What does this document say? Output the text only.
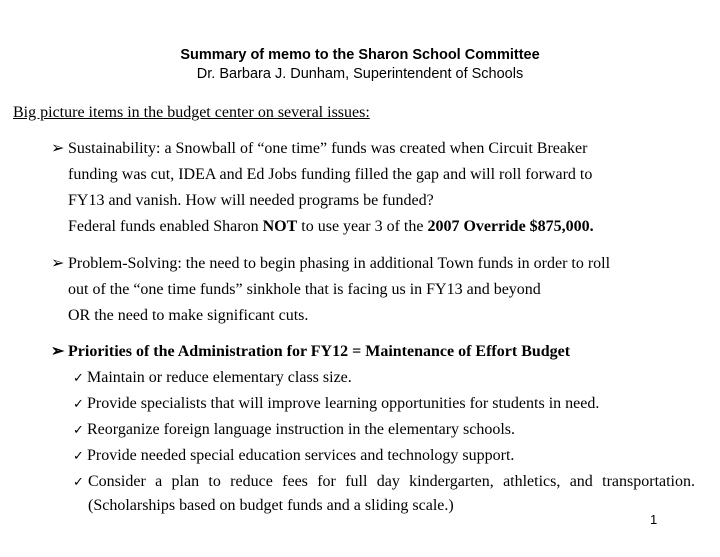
Summary of memo to the Sharon School Committee
Dr. Barbara J. Dunham, Superintendent of Schools
Big picture items in the budget center on several issues:
➢ Sustainability: a Snowball of “one time” funds was created when Circuit Breaker
funding was cut, IDEA and Ed Jobs funding filled the gap and will roll forward to
FY13 and vanish. How will needed programs be funded?
Federal funds enabled Sharon NOT to use year 3 of the 2007 Override $875,000.
➢ Problem-Solving: the need to begin phasing in additional Town funds in order to roll
out of the “one time funds” sinkhole that is facing us in FY13 and beyond
OR the need to make significant cuts.
➢ Priorities of the Administration for FY12 = Maintenance of Effort Budget
✓ Maintain or reduce elementary class size.
✓ Provide specialists that will improve learning opportunities for students in need.
✓ Reorganize foreign language instruction in the elementary schools.
✓ Provide needed special education services and technology support.
✓ Consider a plan to reduce fees for full day kindergarten, athletics, and transportation. (Scholarships based on budget funds and a sliding scale.)
1
